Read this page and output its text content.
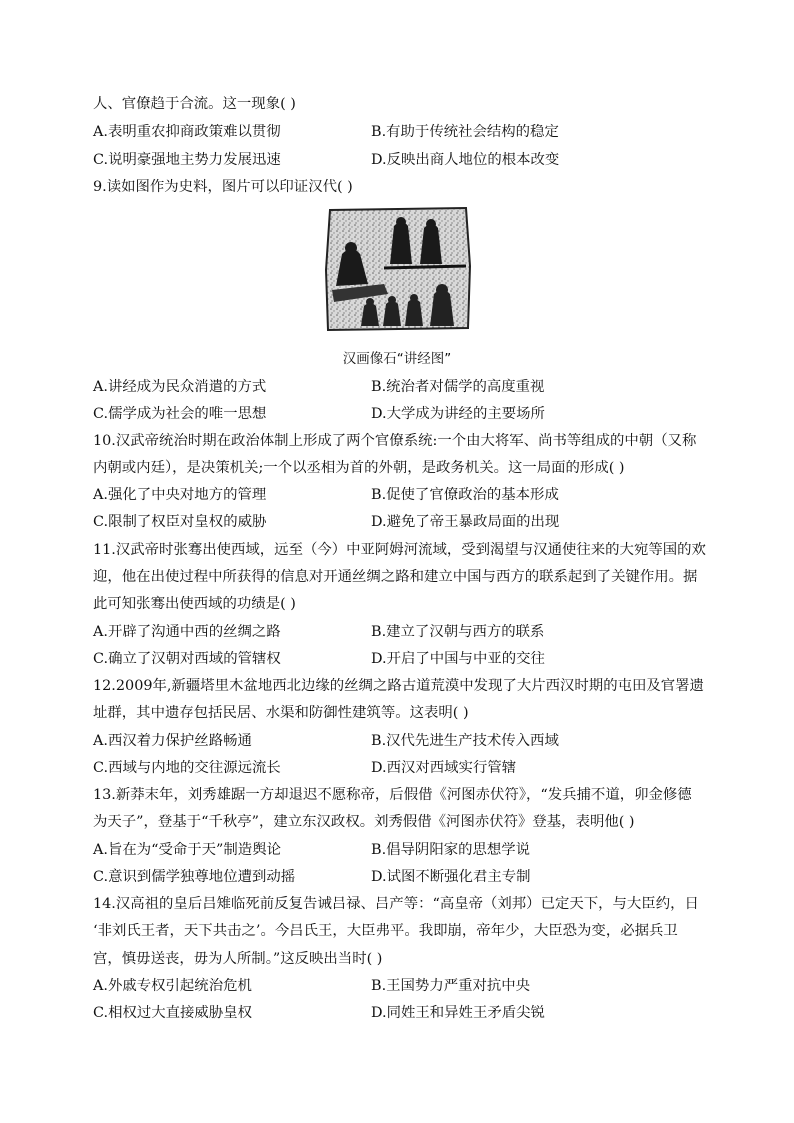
人、官僚趋于合流。这一现象( )
A.表明重农抑商政策难以贯彻	B.有助于传统社会结构的稳定
C.说明豪强地主势力发展迅速	D.反映出商人地位的根本改变
9.读如图作为史料，图片可以印证汉代( )
汉画像石“讲经图”
A.讲经成为民众消遣的方式	B.统治者对儒学的高度重视
C.儒学成为社会的唯一思想	D.大学成为讲经的主要场所
10.汉武帝统治时期在政治体制上形成了两个官僚系统:一个由大将军、尚书等组成的中朝（又称
内朝或内廷），是决策机关;一个以丞相为首的外朝，是政务机关。这一局面的形成( )
A.强化了中央对地方的管理	B.促使了官僚政治的基本形成
C.限制了权臣对皇权的威胁	D.避免了帝王暴政局面的出现
11.汉武帝时张骞出使西域，远至（今）中亚阿姆河流域，受到渴望与汉通使往来的大宛等国的欢
迎，他在出使过程中所获得的信息对开通丝绸之路和建立中国与西方的联系起到了关键作用。据
此可知张骞出使西域的功绩是( )
A.开辟了沟通中西的丝绸之路	B.建立了汉朝与西方的联系
C.确立了汉朝对西域的管辖权	D.开启了中国与中亚的交往
12.2009年,新疆塔里木盆地西北边缘的丝绸之路古道荒漠中发现了大片西汉时期的屯田及官署遗
址群，其中遗存包括民居、水渠和防御性建筑等。这表明( )
A.西汉着力保护丝路畅通	B.汉代先进生产技术传入西域
C.西域与内地的交往源远流长	D.西汉对西域实行管辖
13.新莽末年，刘秀雄踞一方却退迟不愿称帝，后假借《河图赤伏符》，“发兵捕不道，卯金修德
为天子”，登基于“千秋亭”，建立东汉政权。刘秀假借《河图赤伏符》登基，表明他( )
A.旨在为“受命于天”制造舆论	B.倡导阴阳家的思想学说
C.意识到儒学独尊地位遭到动摇	D.试图不断强化君主专制
14.汉高祖的皇后吕雉临死前反复告诫吕禄、吕产等：“高皇帝（刘邦）已定天下，与大臣约，日
‘非刘氏王者，天下共击之’。今吕氏王，大臣弗平。我即崩，帝年少，大臣恐为变，必据兵卫
宫，慎毋送丧，毋为人所制。”这反映出当时( )
A.外戚专权引起统治危机	B.王国势力严重对抗中央
C.相权过大直接威胁皇权	D.同姓王和异姓王矛盾尖锐
